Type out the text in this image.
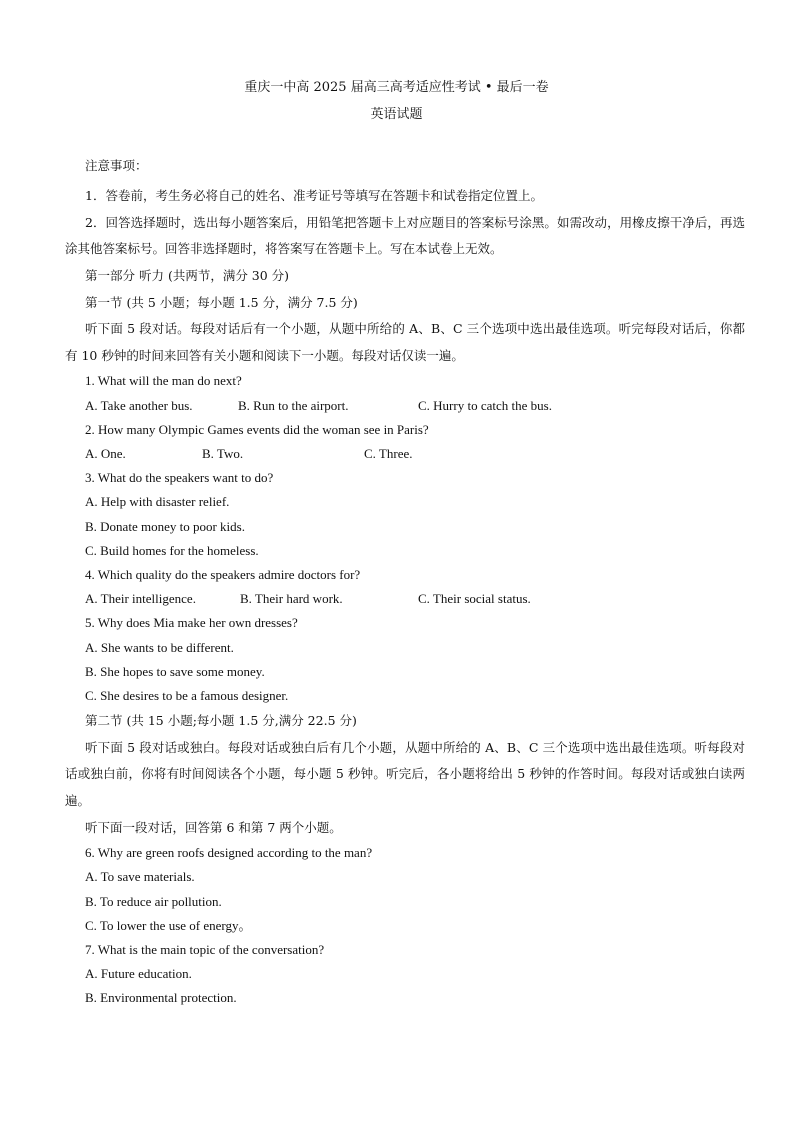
重庆一中高 2025 届高三高考适应性考试 • 最后一卷
英语试题
注意事项：
1．答卷前，考生务必将自己的姓名、准考证号等填写在答题卡和试卷指定位置上。
2．回答选择题时，选出每小题答案后，用铅笔把答题卡上对应题目的答案标号涂黑。如需改动，用橡皮擦干净后，再选涂其他答案标号。回答非选择题时，将答案写在答题卡上。写在本试卷上无效。
第一部分 听力 (共两节，满分 30 分)
第一节 (共 5 小题；每小题 1.5 分，满分 7.5 分)
听下面 5 段对话。每段对话后有一个小题，从题中所给的 A、B、C 三个选项中选出最佳选项。听完每段对话后，你都有 10 秒钟的时间来回答有关小题和阅读下一小题。每段对话仅读一遍。
1. What will the man do next?
A. Take another bus.	B. Run to the airport.	C. Hurry to catch the bus.
2. How many Olympic Games events did the woman see in Paris?
A. One.	B. Two.	C. Three.
3. What do the speakers want to do?
A. Help with disaster relief.
B. Donate money to poor kids.
C. Build homes for the homeless.
4. Which quality do the speakers admire doctors for?
A. Their intelligence.	B. Their hard work.	C. Their social status.
5. Why does Mia make her own dresses?
A. She wants to be different.
B. She hopes to save some money.
C. She desires to be a famous designer.
第二节 (共 15 小题;每小题 1.5 分,满分 22.5 分)
听下面 5 段对话或独白。每段对话或独白后有几个小题，从题中所给的 A、B、C 三个选项中选出最佳选项。听每段对话或独白前，你将有时间阅读各个小题，每小题 5 秒钟。听完后，各小题将给出 5 秒钟的作答时间。每段对话或独白读两遍。
听下面一段对话，回答第 6 和第 7 两个小题。
6. Why are green roofs designed according to the man?
A. To save materials.
B. To reduce air pollution.
C. To lower the use of energy。
7. What is the main topic of the conversation?
A. Future education.
B. Environmental protection.
